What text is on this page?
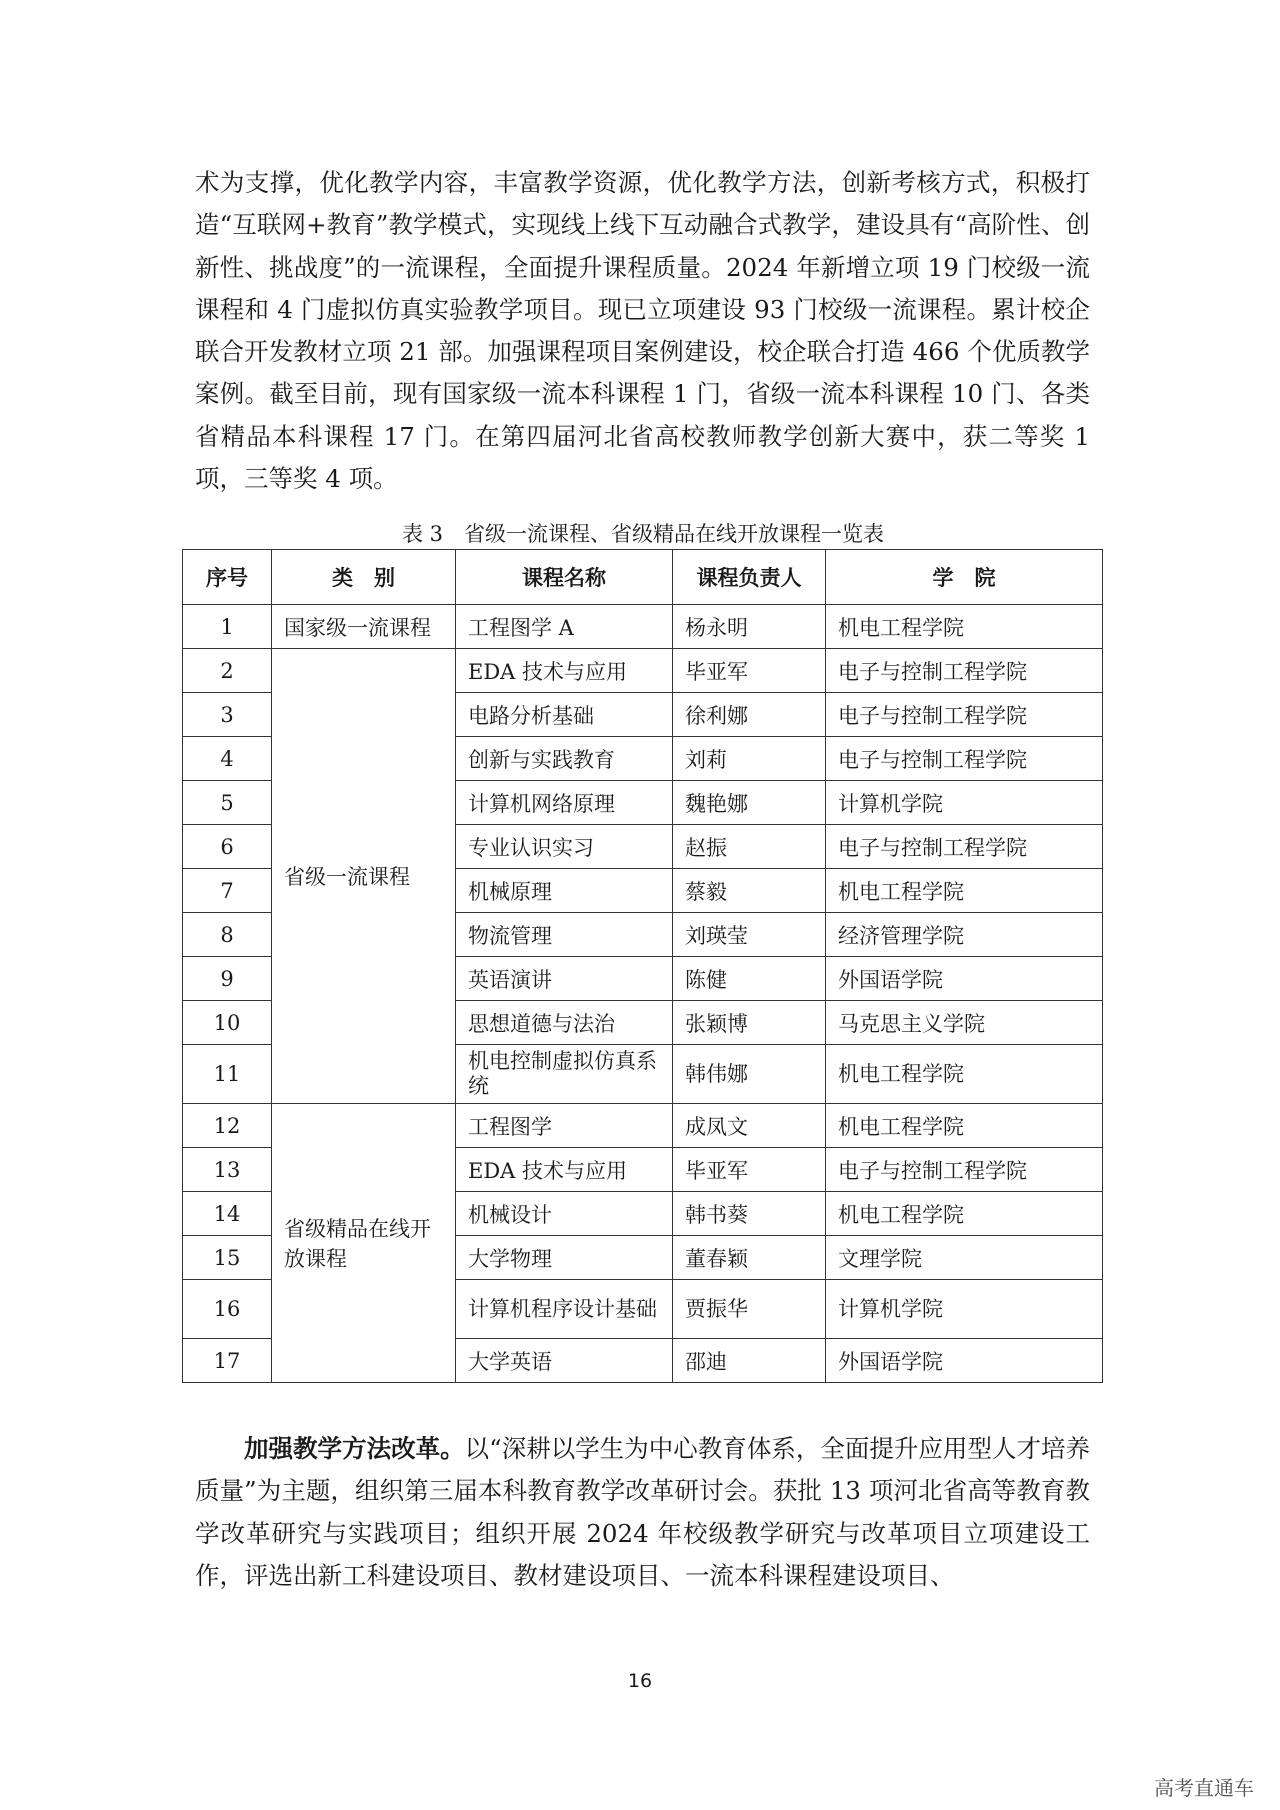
术为支撑，优化教学内容，丰富教学资源，优化教学方法，创新考核方式，积极打造“互联网+教育”教学模式，实现线上线下互动融合式教学，建设具有“高阶性、创新性、挑战度”的一流课程，全面提升课程质量。2024 年新增立项 19 门校级一流课程和 4 门虚拟仿真实验教学项目。现已立项建设 93 门校级一流课程。累计校企联合开发教材立项 21 部。加强课程项目案例建设，校企联合打造 466 个优质教学案例。截至目前，现有国家级一流本科课程 1 门，省级一流本科课程 10 门、各类省精品本科课程 17 门。在第四届河北省高校教师教学创新大赛中，获二等奖 1 项，三等奖 4 项。

表 3　省级一流课程、省级精品在线开放课程一览表
序号	类　别	课程名称	课程负责人	学　院
1	国家级一流课程	工程图学 A	杨永明	机电工程学院
2	省级一流课程	EDA 技术与应用	毕亚军	电子与控制工程学院
3		电路分析基础	徐利娜	电子与控制工程学院
4		创新与实践教育	刘莉	电子与控制工程学院
5		计算机网络原理	魏艳娜	计算机学院
6		专业认识实习	赵振	电子与控制工程学院
7		机械原理	蔡毅	机电工程学院
8		物流管理	刘瑛莹	经济管理学院
9		英语演讲	陈健	外国语学院
10		思想道德与法治	张颖博	马克思主义学院
11		机电控制虚拟仿真系统	韩伟娜	机电工程学院
12	省级精品在线开放课程	工程图学	成凤文	机电工程学院
13		EDA 技术与应用	毕亚军	电子与控制工程学院
14		机械设计	韩书葵	机电工程学院
15		大学物理	董春颖	文理学院
16		计算机程序设计基础	贾振华	计算机学院
17		大学英语	邵迪	外国语学院

加强教学方法改革。以“深耕以学生为中心教育体系，全面提升应用型人才培养质量”为主题，组织第三届本科教育教学改革研讨会。获批 13 项河北省高等教育教学改革研究与实践项目；组织开展 2024 年校级教学研究与改革项目立项建设工作，评选出新工科建设项目、教材建设项目、一流本科课程建设项目、

16
高考直通车
